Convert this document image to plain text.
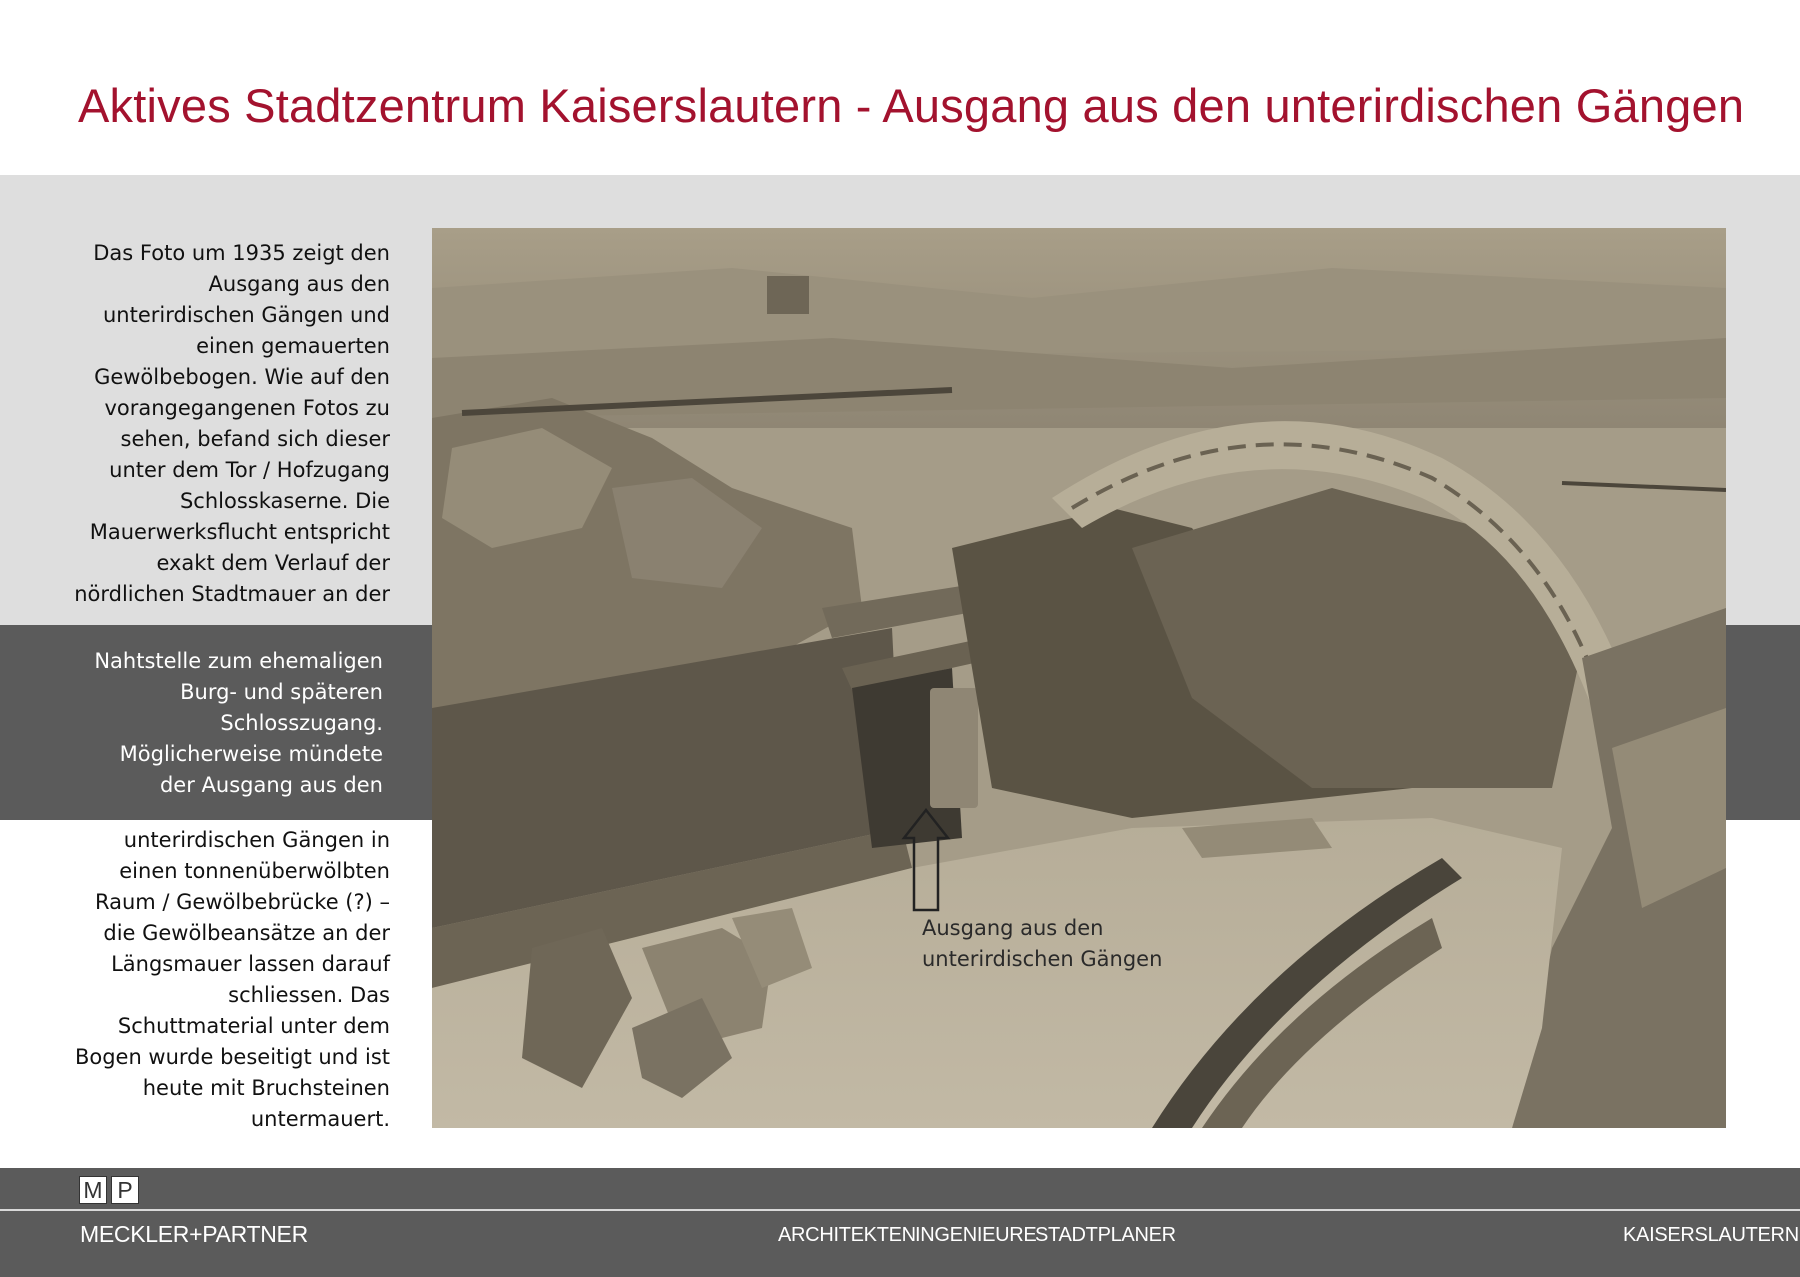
Aktives Stadtzentrum Kaiserslautern - Ausgang aus den unterirdischen Gängen
Das Foto um 1935 zeigt den
Ausgang aus den
unterirdischen Gängen und
einen gemauerten
Gewölbebogen. Wie auf den
vorangegangenen Fotos zu
sehen, befand sich dieser
unter dem Tor / Hofzugang
Schlosskaserne. Die
Mauerwerksflucht entspricht
exakt dem Verlauf der
nördlichen Stadtmauer an der
Nahtstelle zum ehemaligen
Burg- und späteren
Schlosszugang.
Möglicherweise mündete
der Ausgang aus den
unterirdischen Gängen in
einen tonnenüberwölbten
Raum / Gewölbebrücke (?) –
die Gewölbeansätze an der
Längsmauer lassen darauf
schliessen. Das
Schuttmaterial unter dem
Bogen wurde beseitigt und ist
heute mit Bruchsteinen
untermauert.
Ausgang aus den
unterirdischen Gängen
M P
MECKLER+PARTNER	ARCHITEKTEN INGENIEURE
STADTPLANER	KAISERSLAUTERN
